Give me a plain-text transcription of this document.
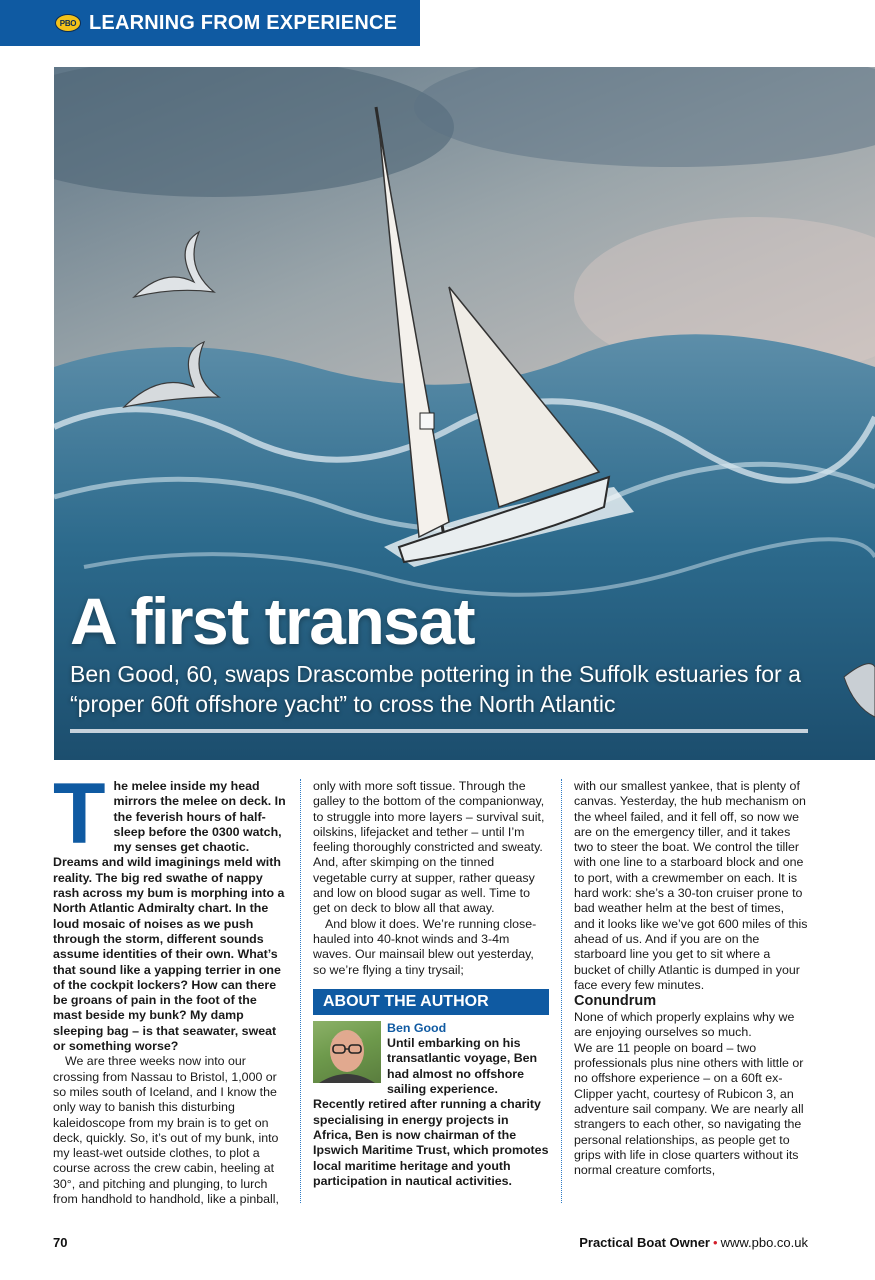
PBO LEARNING FROM EXPERIENCE
A first transat

Ben Good, 60, swaps Drascombe pottering in the Suffolk estuaries for a “proper 60ft offshore yacht” to cross the North Atlantic

T he melee inside my head mirrors the melee on deck. In the feverish hours of half-sleep before the 0300 watch, my senses get chaotic. Dreams and wild imaginings meld with reality. The big red swathe of nappy rash across my bum is morphing into a North Atlantic Admiralty chart. In the loud mosaic of noises as we push through the storm, different sounds assume identities of their own. What’s that sound like a yapping terrier in one of the cockpit lockers? How can there be groans of pain in the foot of the mast beside my bunk? My damp sleeping bag – is that seawater, sweat or something worse?

We are three weeks now into our crossing from Nassau to Bristol, 1,000 or so miles south of Iceland, and I know the only way to banish this disturbing kaleidoscope from my brain is to get on deck, quickly. So, it’s out of my bunk, into my least-wet outside clothes, to plot a course across the crew cabin, heeling at 30°, and pitching and plunging, to lurch from handhold to handhold, like a pinball,

only with more soft tissue. Through the galley to the bottom of the companionway, to struggle into more layers – survival suit, oilskins, lifejacket and tether – until I’m feeling thoroughly constricted and sweaty. And, after skimping on the tinned vegetable curry at supper, rather queasy and low on blood sugar as well. Time to get on deck to blow all that away.

And blow it does. We’re running close-hauled into 40-knot winds and 3-4m waves. Our mainsail blew out yesterday, so we’re flying a tiny trysail;

ABOUT THE AUTHOR

Ben Good
Until embarking on his transatlantic voyage, Ben had almost no offshore sailing experience. Recently retired after running a charity specialising in energy projects in Africa, Ben is now chairman of the Ipswich Maritime Trust, which promotes local maritime heritage and youth participation in nautical activities.

with our smallest yankee, that is plenty of canvas. Yesterday, the hub mechanism on the wheel failed, and it fell off, so now we are on the emergency tiller, and it takes two to steer the boat. We control the tiller with one line to a starboard block and one to port, with a crewmember on each. It is hard work: she’s a 30-ton cruiser prone to bad weather helm at the best of times, and it looks like we’ve got 600 miles of this ahead of us. And if you are on the starboard line you get to sit where a bucket of chilly Atlantic is dumped in your face every few minutes.

Conundrum

None of which properly explains why we are enjoying ourselves so much.

We are 11 people on board – two professionals plus nine others with little or no offshore experience – on a 60ft ex-Clipper yacht, courtesy of Rubicon 3, an adventure sail company. We are nearly all strangers to each other, so navigating the personal relationships, as people get to grips with life in close quarters without its normal creature comforts,

70	Practical Boat Owner • www.pbo.co.uk
